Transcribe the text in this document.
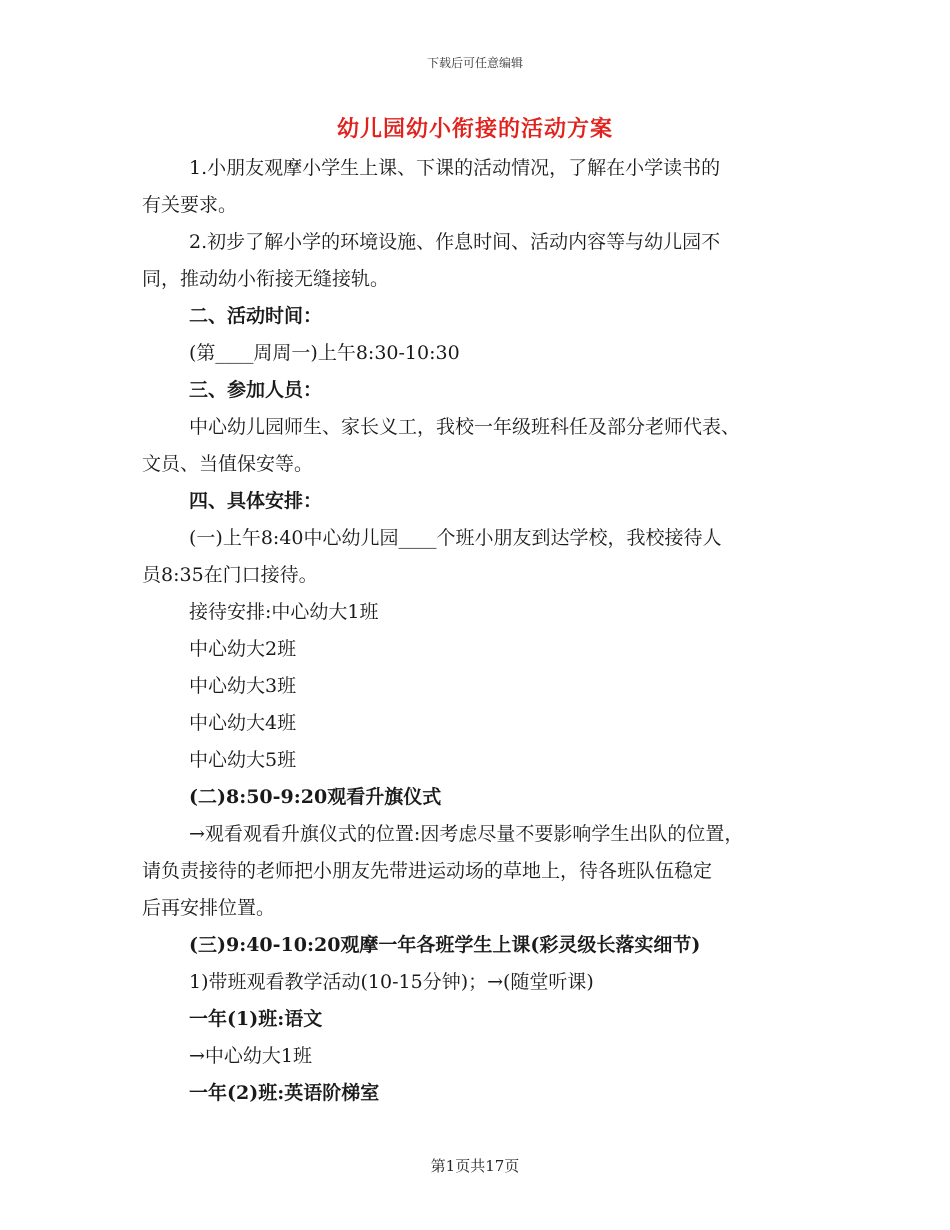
下载后可任意编辑
幼儿园幼小衔接的活动方案
1.小朋友观摩小学生上课、下课的活动情况，了解在小学读书的
有关要求。
2.初步了解小学的环境设施、作息时间、活动内容等与幼儿园不
同，推动幼小衔接无缝接轨。
二、活动时间：
(第____周周一)上午8:30-10:30
三、参加人员：
中心幼儿园师生、家长义工，我校一年级班科任及部分老师代表、
文员、当值保安等。
四、具体安排：
(一)上午8:40中心幼儿园____个班小朋友到达学校，我校接待人
员8:35在门口接待。
接待安排:中心幼大1班
中心幼大2班
中心幼大3班
中心幼大4班
中心幼大5班
(二)8:50-9:20观看升旗仪式
→观看观看升旗仪式的位置:因考虑尽量不要影响学生出队的位置，
请负责接待的老师把小朋友先带进运动场的草地上，待各班队伍稳定
后再安排位置。
(三)9:40-10:20观摩一年各班学生上课(彩灵级长落实细节)
1)带班观看教学活动(10-15分钟)；→(随堂听课)
一年(1)班:语文
→中心幼大1班
一年(2)班:英语阶梯室
第1页共17页
